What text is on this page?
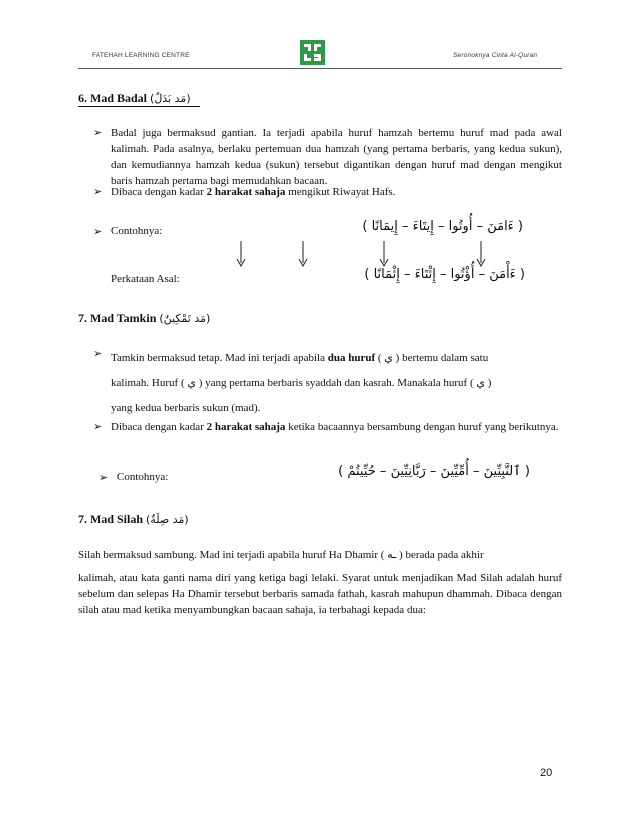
FATEHAH LEARNING CENTRE	Seronoknya Cinta Al-Quran
6. Mad Badal (مَد بَدَلٌ)
➢ Badal juga bermaksud gantian. Ia terjadi apabila huruf hamzah bertemu huruf mad pada awal kalimah. Pada asalnya, berlaku pertemuan dua hamzah (yang pertama berbaris, yang kedua sukun), dan kemudiannya hamzah kedua (sukun) tersebut digantikan dengan huruf mad dengan mengikut baris hamzah pertama bagi memudahkan bacaan.
➢ Dibaca dengan kadar 2 harakat sahaja mengikut Riwayat Hafs.
➢ Contohnya:	( ءَامَنَ – أُوتُوا – إِيتَاءَ – إِيمَانًا )
Perkataan Asal:	( ءَأْمَنَ – أُؤْتُوا – إِئْتَاءَ – إِئْمَانًا )
7. Mad Tamkin (مَد تَمْكِينٌ)
➢ Tamkin bermaksud tetap. Mad ini terjadi apabila dua huruf ( ي ) bertemu dalam satu
kalimah. Huruf ( ي ) yang pertama berbaris syaddah dan kasrah. Manakala huruf ( ي )
yang kedua berbaris sukun (mad).
➢ Dibaca dengan kadar 2 harakat sahaja ketika bacaannya bersambung dengan huruf yang berikutnya.
➢ Contohnya:	( ٱلنَّبِيِّينَ – أُمِّيِّينَ – رَبَّانِيِّينَ – حُيِّيتُمْ )
7. Mad Silah (مَد صِلَةٌ)
Silah bermaksud sambung. Mad ini terjadi apabila huruf Ha Dhamir ( ـه ) berada pada akhir
kalimah, atau kata ganti nama diri yang ketiga bagi lelaki. Syarat untuk menjadikan Mad Silah adalah huruf sebelum dan selepas Ha Dhamir tersebut berbaris samada fathah, kasrah mahupun dhammah. Dibaca dengan silah atau mad ketika menyambungkan bacaan sahaja, ia terbahagi kepada dua:
20
